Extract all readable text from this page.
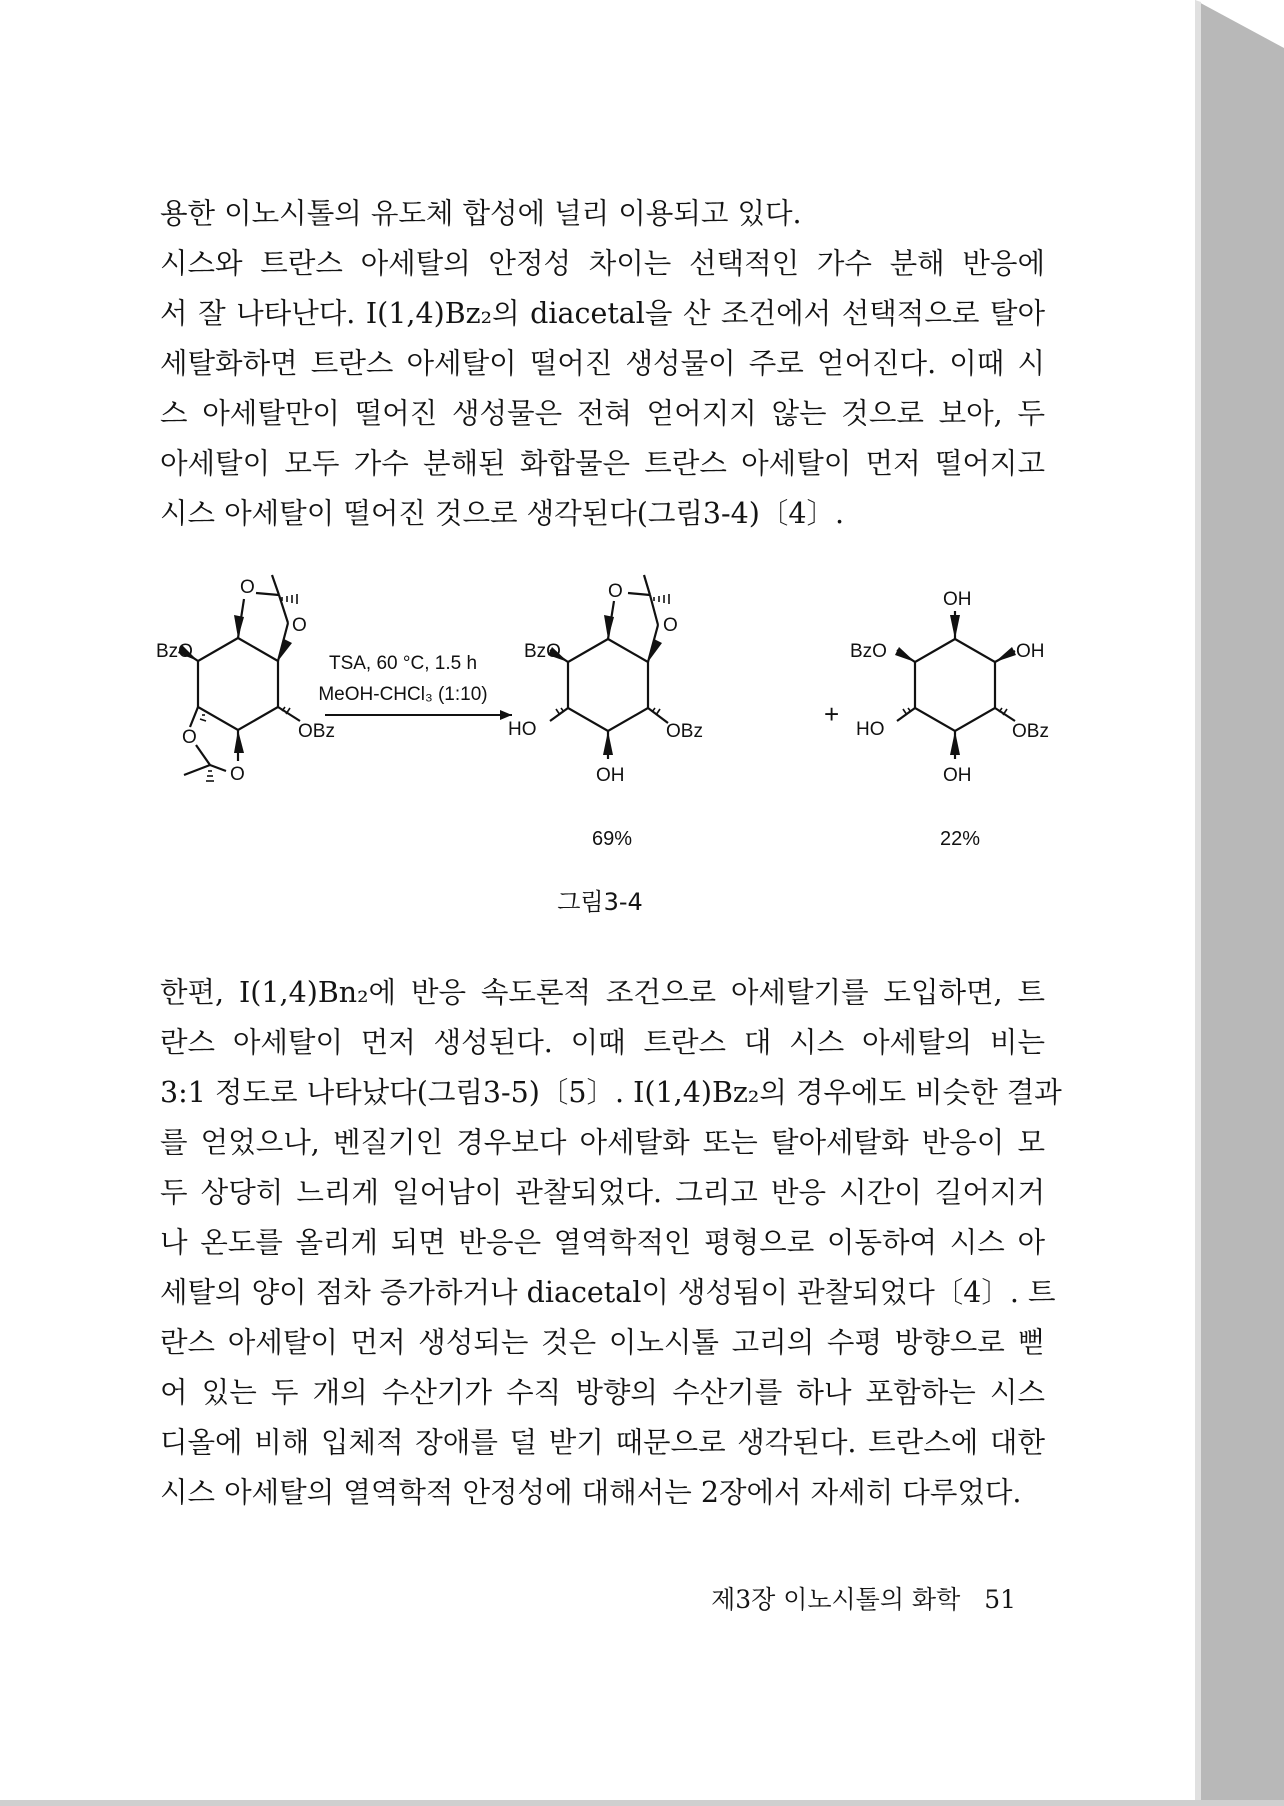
용한 이노시톨의 유도체 합성에 널리 이용되고 있다.

시스와 트란스 아세탈의 안정성 차이는 선택적인 가수 분해 반응에

서 잘 나타난다. I(1,4)Bz₂의 diacetal을 산 조건에서 선택적으로 탈아

세탈화하면 트란스 아세탈이 떨어진 생성물이 주로 얻어진다. 이때 시

스 아세탈만이 떨어진 생성물은 전혀 얻어지지 않는 것으로 보아, 두

아세탈이 모두 가수 분해된 화합물은 트란스 아세탈이 먼저 떨어지고

시스 아세탈이 떨어진 것으로 생각된다(그림3-4)〔4〕.

O
O
BzO
OBz
O
O
TSA, 60 °C, 1.5 h
MeOH-CHCl₃ (1:10)
O
O
BzO
HO	OBz
OH
69%
+
OH
OH
BzO
HO	OBz
OH
22%
그림3-4

한편, I(1,4)Bn₂에 반응 속도론적 조건으로 아세탈기를 도입하면, 트

란스 아세탈이 먼저 생성된다. 이때 트란스 대 시스 아세탈의 비는

3:1 정도로 나타났다(그림3-5)〔5〕. I(1,4)Bz₂의 경우에도 비슷한 결과

를 얻었으나, 벤질기인 경우보다 아세탈화 또는 탈아세탈화 반응이 모

두 상당히 느리게 일어남이 관찰되었다. 그리고 반응 시간이 길어지거

나 온도를 올리게 되면 반응은 열역학적인 평형으로 이동하여 시스 아

세탈의 양이 점차 증가하거나 diacetal이 생성됨이 관찰되었다〔4〕. 트

란스 아세탈이 먼저 생성되는 것은 이노시톨 고리의 수평 방향으로 뻗

어 있는 두 개의 수산기가 수직 방향의 수산기를 하나 포함하는 시스

디올에 비해 입체적 장애를 덜 받기 때문으로 생각된다. 트란스에 대한

시스 아세탈의 열역학적 안정성에 대해서는 2장에서 자세히 다루었다.

제3장 이노시톨의 화학 51
